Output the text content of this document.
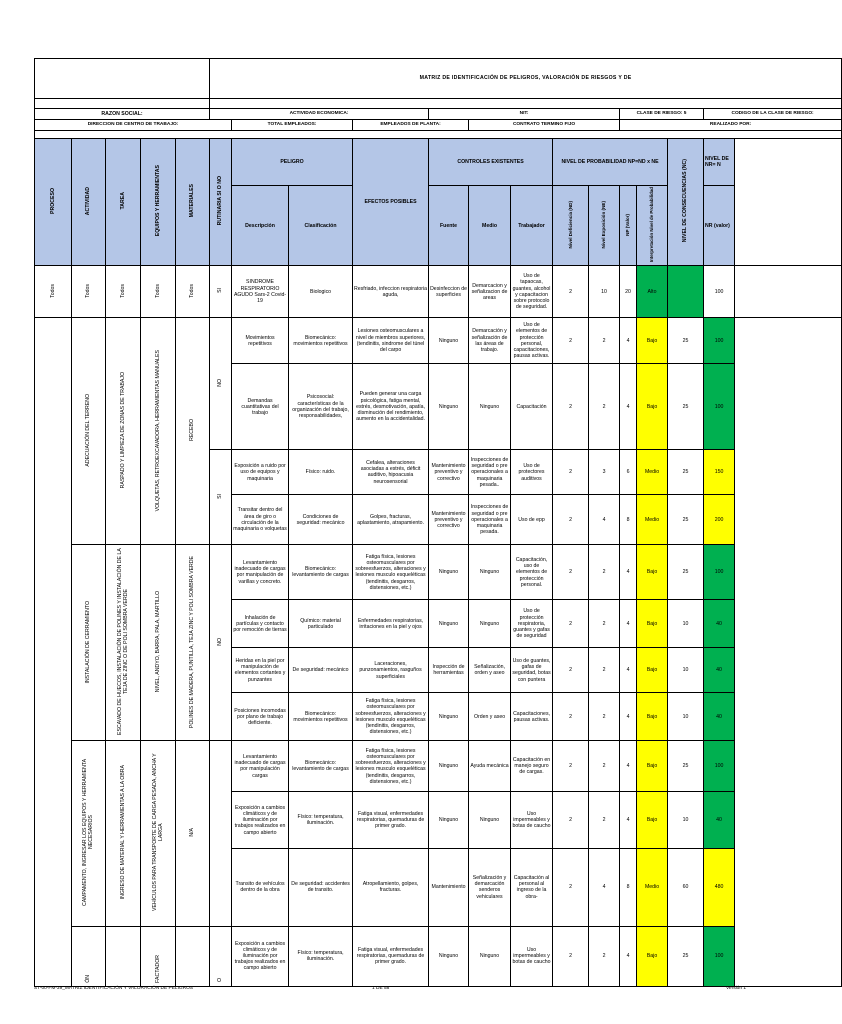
					MATRIZ DE IDENTIFICACIÓN DE PELIGROS, VALORACIÓN DE RIESGOS Y DE													

RAZON SOCIAL:					ACTIVIDAD ECONOMICA:				NIT:					CLASE DE RIESGO: 5			CODIGO DE LA CLASE DE RIESGO:	
DIRECCION DE CENTRO DE TRABAJO:						TOTAL EMPLEADOS:		EMPLEADOS DE PLANTA:		CONTRATO TERMINO FIJO				REALIZADO POR:				

PROCESO	ACTIVIDAD	TAREA	EQUIPOS Y HERRAMIENTAS	MATERIALES	RUTINARIA SI O NO	PELIGRO		EFECTOS POSIBLES	CONTROLES EXISTENTES			NIVEL DE PROBABILIDAD NP=ND x NE				NIVEL DE CONSECUENCIAS (NC)	NIVEL DE NR= N	
						Descripción	Clasificación		Fuente	Medio	Trabajador	Nivel Deficiencia (ND)	Nivel Exposición (NE)	NP (Valor)	Interpretación Nivel de Probabilidad		NR (valor)	
Todos	Todos	Todos	Todos	Todos	SI	SINDROME RESPIRATORIO AGUDO Sars-2 Covid-19	Biologico	Resfriado, infeccion respiratoria aguda,	Desinfeccion de superficies	Demarcacion y señalizacion de areas	Uso de tapaocas, guantes, alcohol y capacitacion sobre protocolo de seguridad.	2	10	20	Alto		100	
	ADECUACIÓN DEL TERRENO	RASPADO Y LIMPIEZA DE ZONAS DE TRABAJO	VOLQUETAS, RETROEXCAVADORA, HERRAMIENTAS MANUALES	RECEBO	NO	Movimientos repetitivos	Biomecánico: movimientos repetitivos	Lesiones osteomusculares a nivel de miembros superiores, (tendinitis, sindrome del túnel del carpo	Ninguno	Demarcación y señalización de las áreas de trabajo.	Uso de elementos de protección personal, capacitaciones, pausas activas.	2	2	4	Bajo	25	100	
						Demandas cuantitativas del trabajo	Psicosocial: características de la organización del trabajo, responsabilidades,	Pueden generar una carga psicológica, fatiga mental, estrés, desmotivación, apatía, disminución del rendimiento, aumento en la accidentalidad.	Ninguno	Ninguno	Capacitación	2	2	4	Bajo	25	100	
					SI	Exposición a ruido por uso de equipos y maquinaria	Físico: ruido.	Cefalea, alteraciones asociadas a estrés, déficit auditivo, hipoacusia neurosensorial	Mantenimiento preventivo y correctivo	Inspecciones de seguridad o pre operacionales a maquinaria pesada..	Uso de protectores auditivos	2	3	6	Medio	25	150	
						Transitar dentro del área de giro o circulación de la maquinaria o volquetas	Condiciones de seguridad: mecánico	Golpes, fracturas, aplastamiento, atrapamiento.	Mantenimiento preventivo y correctivo	Inspecciones de seguridad o pre operacionales a maquinaria pesada.	Uso de epp	2	4	8	Medio	25	200	
	INSTALACIÓN DE CERRAMIENTO	ESCAVADO DE HUECOS, INSTALACIÓN DE POLINES Y INSTALACIÓN DE LA TEJA DE ZINC O DE POLI SOMBRA VERDE	NIVEL, ANDYO, BARRA, PALA, MARTILLO	POLINES DE MADERA, PUNTILLA, TEJA ZINC Y POLI SOMBRA VERDE	NO	Levantamiento inadecuado de cargas por manipulación de varillas y concreto.	Biomecánico: levantamiento de cargas	Fatiga física, lesiones osteomusculares por sobreesfuerzos, alteraciones y lesiones musculo esqueléticas (tendinitis, desgarros, distensiones, etc.)	Ninguno	Ninguno	Capacitación, uso de elementos de protección personal.	2	2	4	Bajo	25	100	
						Inhalación de partículas y contacto por remoción de tierras	Químico: material particulado	Enfermedades respiratorias, irritaciones en la piel y ojos	Ninguno	Ninguno	Uso de protección respiratoria, guantes y gafas de seguridad	2	2	4	Bajo	10	40	
						Heridas en la piel por manipulación de elementos cortantes y punzantes	De seguridad: mecánico	Laceraciones, punzonamientos, rasguños superficiales	Inspección de herramientas	Señalización, orden y aseo	Uso de guantes, gafas de seguridad, botas con puntera	2	2	4	Bajo	10	40	
						Posiciones incomodas por plano de trabajo deficiente.	Biomecánico: movimientos repetitivos	Fatiga física, lesiones osteomusculares por sobreesfuerzos, alteraciones y lesiones musculo esqueléticas (tendinitis, desgarros, distensiones, etc.)	Ninguno	Orden y aseo	Capacitaciones, pausas activas.	2	2	4	Bajo	10	40	
	CAMPAMENTO, INGRESAR LOS EQUIPOS Y HERRAMIENTA NECESARIOS	INGRESO DE MATERIAL Y HERRAMIENTAS A LA OBRA	VEHÍCULOS PARA TRANSPORTE DE CARGA PESADA, ANCHA Y LARGA	N/A		Levantamiento inadecuado de cargas por manipulación cargas	Biomecánico: levantamiento de cargas	Fatiga física, lesiones osteomusculares por sobreesfuerzos, alteraciones y lesiones musculo esqueléticas (tendinitis, desgarros, distensiones, etc.)	Ninguno	Ayuda mecánica	Capacitación en manejo seguro de cargas.	2	2	4	Bajo	25	100	
						Exposición a cambios climáticos y de iluminación por trabajos realizados en campo abierto	Físico: temperatura, iluminación.	Fatiga visual, enfermedades respiratorias, quemaduras de primer grado.	Ninguno	Ninguno	Uso impermeables y botas de caucho	2	2	4	Bajo	10	40	
						Transito de vehículos dentro de la obra	De seguridad: accidentes de transito.	Atropellamiento, golpes, fracturas.	Mantenimiento	Señalización y demarcación senderos vehiculares	Capacitación al personal al ingreso de la obra-	2	4	8	Medio	60	480	
	ÓN		FACTADOR		O	Exposición a cambios climáticos y de iluminación por trabajos realizados en campo abierto	Físico: temperatura, iluminación.	Fatiga visual, enfermedades respiratorias, quemaduras de primer grado.	Ninguno	Ninguno	Uso impermeables y botas de caucho	2	2	4	Bajo	25	100	
ST-00-FM-39_MATRIZ IDENTIFICACIÓN Y VALORACIÓN DE PELIGROS	1 DE 58	Versión 1
